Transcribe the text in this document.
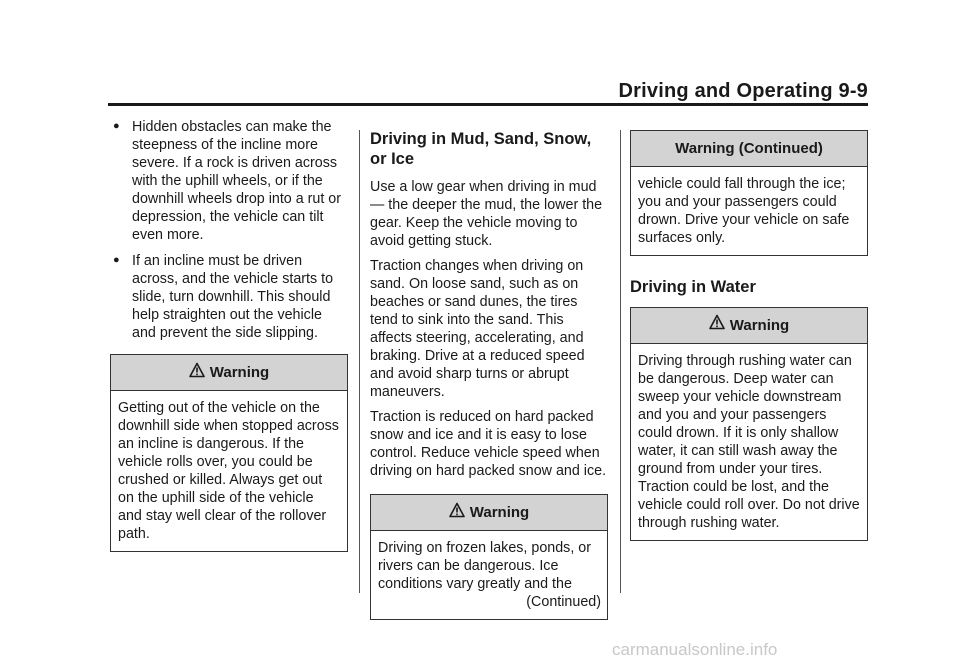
Driving and Operating 9-9
● Hidden obstacles can make the steepness of the incline more severe. If a rock is driven across with the uphill wheels, or if the downhill wheels drop into a rut or depression, the vehicle can tilt even more.
● If an incline must be driven across, and the vehicle starts to slide, turn downhill. This should help straighten out the vehicle and prevent the side slipping.
Warning
Getting out of the vehicle on the downhill side when stopped across an incline is dangerous. If the vehicle rolls over, you could be crushed or killed. Always get out on the uphill side of the vehicle and stay well clear of the rollover path.
Driving in Mud, Sand, Snow, or Ice
Use a low gear when driving in mud — the deeper the mud, the lower the gear. Keep the vehicle moving to avoid getting stuck.
Traction changes when driving on sand. On loose sand, such as on beaches or sand dunes, the tires tend to sink into the sand. This affects steering, accelerating, and braking. Drive at a reduced speed and avoid sharp turns or abrupt maneuvers.
Traction is reduced on hard packed snow and ice and it is easy to lose control. Reduce vehicle speed when driving on hard packed snow and ice.
Warning
Driving on frozen lakes, ponds, or rivers can be dangerous. Ice conditions vary greatly and the
(Continued)
Warning (Continued)
vehicle could fall through the ice; you and your passengers could drown. Drive your vehicle on safe surfaces only.
Driving in Water
Warning
Driving through rushing water can be dangerous. Deep water can sweep your vehicle downstream and you and your passengers could drown. If it is only shallow water, it can still wash away the ground from under your tires. Traction could be lost, and the vehicle could roll over. Do not drive through rushing water.
carmanualsonline.info
